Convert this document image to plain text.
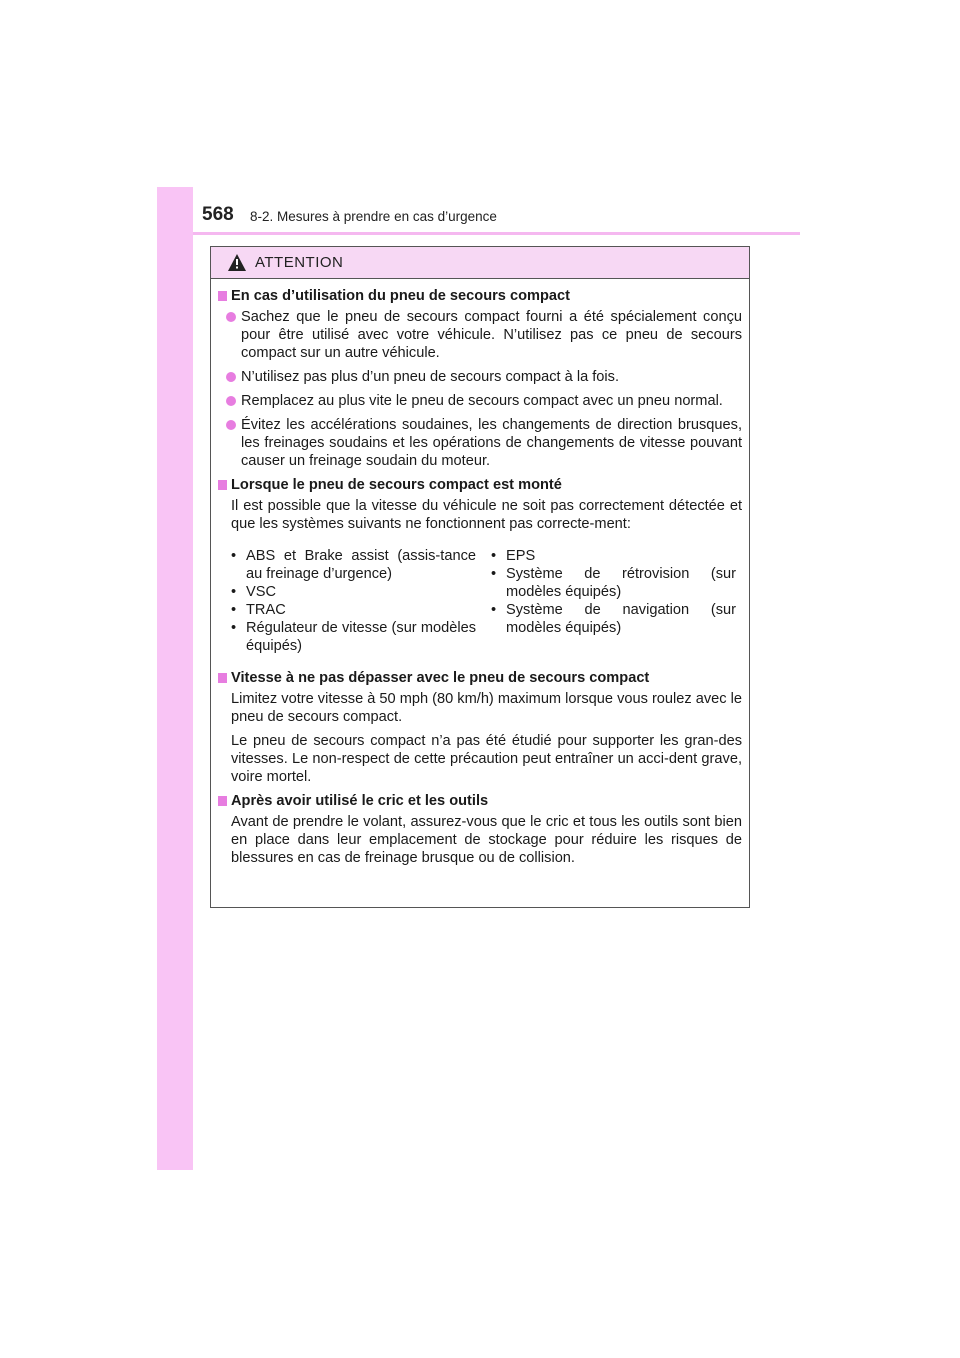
568 8-2. Mesures à prendre en cas d’urgence
ATTENTION
En cas d’utilisation du pneu de secours compact
Sachez que le pneu de secours compact fourni a été spécialement conçu pour être utilisé avec votre véhicule. N’utilisez pas ce pneu de secours compact sur un autre véhicule.
N’utilisez pas plus d’un pneu de secours compact à la fois.
Remplacez au plus vite le pneu de secours compact avec un pneu normal.
Évitez les accélérations soudaines, les changements de direction brusques, les freinages soudains et les opérations de changements de vitesse pouvant causer un freinage soudain du moteur.
Lorsque le pneu de secours compact est monté
Il est possible que la vitesse du véhicule ne soit pas correctement détectée et que les systèmes suivants ne fonctionnent pas correcte-ment:
• ABS et Brake assist (assis-tance au freinage d’urgence)
• VSC
• TRAC
• Régulateur de vitesse (sur modèles équipés)
• EPS
• Système de rétrovision (sur modèles équipés)
• Système de navigation (sur modèles équipés)
Vitesse à ne pas dépasser avec le pneu de secours compact
Limitez votre vitesse à 50 mph (80 km/h) maximum lorsque vous roulez avec le pneu de secours compact.
Le pneu de secours compact n’a pas été étudié pour supporter les gran-des vitesses. Le non-respect de cette précaution peut entraîner un acci-dent grave, voire mortel.
Après avoir utilisé le cric et les outils
Avant de prendre le volant, assurez-vous que le cric et tous les outils sont bien en place dans leur emplacement de stockage pour réduire les risques de blessures en cas de freinage brusque ou de collision.
